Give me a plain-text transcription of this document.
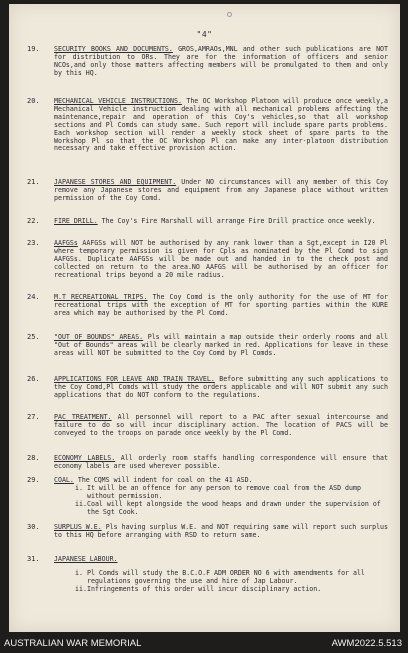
"4"
19.	SECURITY BOOKS AND DOCUMENTS. GROS,AMRAOs,MNL and other such publications are NOT for distribution to ORs. They are for the information of officers and senior NCOs,and only those matters affecting members will be promulgated to them and only by this HQ.
20.	MECHANICAL VEHICLE INSTRUCTIONS. The OC Workshop Platoon will produce once weekly,a Mechanical Vehicle instruction dealing with all mechanical problems affecting the maintenance,repair and operation of this Coy's vehicles,so that all workshop sections and Pl Comds can study same. Such report will include spare parts problems. Each workshop section will render a weekly stock sheet of spare parts to the Workshop Pl so that the OC Workshop Pl can make any inter-platoon distribution necessary and take effective provision action.
21.	JAPANESE STORES AND EQUIPMENT. Under NO circumstances will any member of this Coy remove any Japanese stores and equipment from any Japanese place without written permission of the Coy Comd.
22.	FIRE DRILL. The Coy's Fire Marshall will arrange Fire Drill practice once weekly.
23.	AAFGSs AAFGSs will NOT be authorised by any rank lower than a Sgt,except in I20 Pl where temporary permission is given for Cpls as nominated by the Pl Comd to sign AAFGSs. Duplicate AAFGSs will be made out and handed in to the check post and collected on return to the area.NO AAFGS will be authorised by an officer for recreational trips beyond a 20 mile radius.
24.	M.T RECREATIONAL TRIPS. The Coy Comd is the only authority for the use of MT for recreational trips with the exception of MT for sporting parties within the KURE area which may be authorised by the Pl Comd.
25.	"OUT OF BOUNDS" AREAS. Pls will maintain a map outside their orderly rooms and all "Out of Bounds" areas will be clearly marked in red. Applications for leave in these areas will NOT be submitted to the Coy Comd by Pl Comds.
26.	APPLICATIONS FOR LEAVE AND TRAIN TRAVEL. Before submitting any such applications to the Coy Comd,Pl Comds will study the orders applicable and will NOT submit any such applications that do NOT conform to the regulations.
27.	PAC TREATMENT. All personnel will report to a PAC after sexual intercourse and failure to do so will incur disciplinary action. The location of PACS will be conveyed to the troops on parade once weekly by the Pl Comd.
28.	ECONOMY LABELS. All orderly room staffs handling correspondence will ensure that economy labels are used wherever possible.
29.	COAL. The CQMS will indent for coal on the 41 ASD.
i. It will be an offence for any person to remove coal from the ASD dump without permission.
ii. Coal will kept alongside the wood heaps and drawn under the supervision of the Sgt Cook.
30.	SURPLUS W.E. Pls having surplus W.E. and NOT requiring same will report such surplus to this HQ before arranging with RSD to return same.
31.	JAPANESE LABOUR.
i. Pl Comds will study the B.C.O.F ADM ORDER NO 6 with amendments for all regulations governing the use and hire of Jap Labour.
ii. Infringements of this order will incur disciplinary action.
AUSTRALIAN WAR MEMORIAL	AWM2022.5.513
